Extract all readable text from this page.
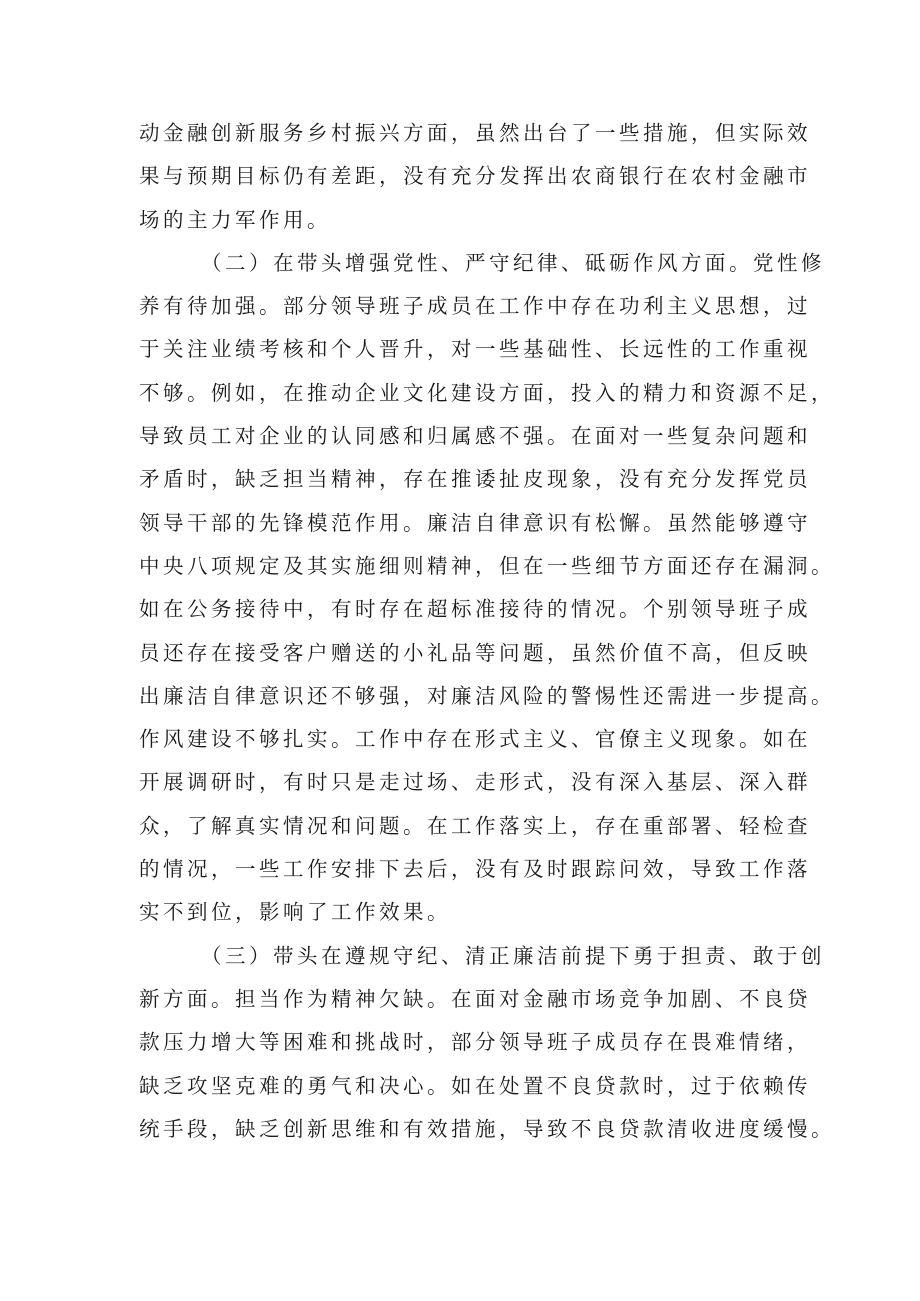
动金融创新服务乡村振兴方面，虽然出台了一些措施，但实际效
果与预期目标仍有差距，没有充分发挥出农商银行在农村金融市
场的主力军作用。
（二）在带头增强党性、严守纪律、砥砺作风方面。党性修
养有待加强。部分领导班子成员在工作中存在功利主义思想，过
于关注业绩考核和个人晋升，对一些基础性、长远性的工作重视
不够。例如，在推动企业文化建设方面，投入的精力和资源不足，
导致员工对企业的认同感和归属感不强。在面对一些复杂问题和
矛盾时，缺乏担当精神，存在推诿扯皮现象，没有充分发挥党员
领导干部的先锋模范作用。廉洁自律意识有松懈。虽然能够遵守
中央八项规定及其实施细则精神，但在一些细节方面还存在漏洞。
如在公务接待中，有时存在超标准接待的情况。个别领导班子成
员还存在接受客户赠送的小礼品等问题，虽然价值不高，但反映
出廉洁自律意识还不够强，对廉洁风险的警惕性还需进一步提高。
作风建设不够扎实。工作中存在形式主义、官僚主义现象。如在
开展调研时，有时只是走过场、走形式，没有深入基层、深入群
众，了解真实情况和问题。在工作落实上，存在重部署、轻检查
的情况，一些工作安排下去后，没有及时跟踪问效，导致工作落
实不到位，影响了工作效果。
（三）带头在遵规守纪、清正廉洁前提下勇于担责、敢于创
新方面。担当作为精神欠缺。在面对金融市场竞争加剧、不良贷
款压力增大等困难和挑战时，部分领导班子成员存在畏难情绪，
缺乏攻坚克难的勇气和决心。如在处置不良贷款时，过于依赖传
统手段，缺乏创新思维和有效措施，导致不良贷款清收进度缓慢。
